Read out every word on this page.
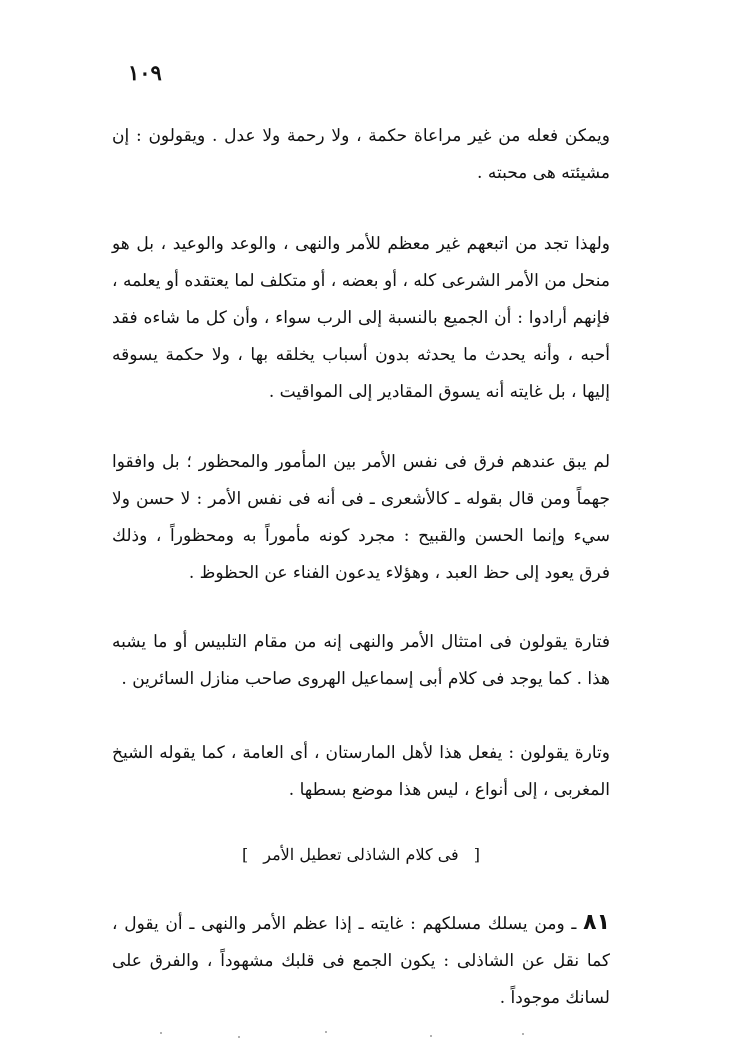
١٠٩
ويمكن فعله من غير مراعاة حكمة ، ولا رحمة ولا عدل . ويقولون : إن مشيئته هى محبته .
ولهذا تجد من اتبعهم غير معظم للأمر والنهى ، والوعد والوعيد ، بل هو منحل من الأمر الشرعى كله ، أو بعضه ، أو متكلف لما يعتقده أو يعلمه ، فإنهم أرادوا : أن الجميع بالنسبة إلى الرب سواء ، وأن كل ما شاءه فقد أحبه ، وأنه يحدث ما يحدثه بدون أسباب يخلقه بها ، ولا حكمة يسوقه إليها ، بل غايته أنه يسوق المقادير إلى المواقيت .
لم يبق عندهم فرق فى نفس الأمر بين المأمور والمحظور ؛ بل وافقوا جهماً ومن قال بقوله ـ كالأشعرى ـ فى أنه فى نفس الأمر : لا حسن ولا سيء وإنما الحسن والقبيح : مجرد كونه مأموراً به ومحظوراً ، وذلك فرق يعود إلى حظ العبد ، وهؤلاء يدعون الفناء عن الحظوظ .
فتارة يقولون فى امتثال الأمر والنهى إنه من مقام التلبيس أو ما يشبه هذا . كما يوجد فى كلام أبى إسماعيل الهروى صاحب منازل السائرين .
وتارة يقولون : يفعل هذا لأهل المارستان ، أى العامة ، كما يقوله الشيخ المغربى ، إلى أنواع ، ليس هذا موضع بسطها .
[ فى كلام الشاذلى تعطيل الأمر ]
٨١ ـ ومن يسلك مسلكهم : غايته ـ إذا عظم الأمر والنهى ـ أن يقول ، كما نقل عن الشاذلى : يكون الجمع فى قلبك مشهوداً ، والفرق على لسانك موجوداً .
